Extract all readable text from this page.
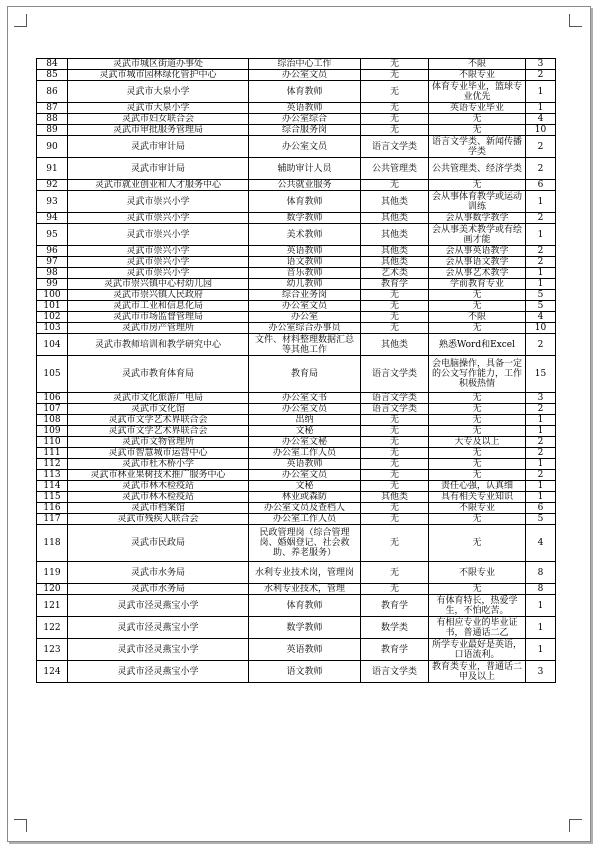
84	灵武市城区街道办事处	综治中心工作	无	不限	3
85	灵武市城市园林绿化管护中心	办公室文员	无	不限专业	2
86	灵武市大泉小学	体育教师	无	体育专业毕业，篮球专业优先	1
87	灵武市大泉小学	英语教师	无	英语专业毕业	1
88	灵武市妇女联合会	办公室综合	无	无	4
89	灵武市审批服务管理局	综合服务岗	无	无	10
90	灵武市审计局	办公室文员	语言文学类	语言文学类、新闻传播学类	2
91	灵武市审计局	辅助审计人员	公共管理类	公共管理类、经济学类	2
92	灵武市就业创业和人才服务中心	公共就业服务	无	无	6
93	灵武市崇兴小学	体育教师	其他类	会从事体育教学或运动训练	1
94	灵武市崇兴小学	数学教师	其他类	会从事数学教学	2
95	灵武市崇兴小学	美术教师	其他类	会从事美术教学或有绘画才能	1
96	灵武市崇兴小学	英语教师	其他类	会从事英语教学	2
97	灵武市崇兴小学	语文教师	其他类	会从事语文教学	2
98	灵武市崇兴小学	音乐教师	艺术类	会从事艺术教学	1
99	灵武市崇兴镇中心村幼儿园	幼儿教师	教育学	学前教育专业	1
100	灵武市崇兴镇人民政府	综合业务岗	无	无	5
101	灵武市工业和信息化局	办公室文员	无	无	5
102	灵武市市场监督管理局	办公室	无	不限	4
103	灵武市房产管理所	办公室综合办事员	无	无	10
104	灵武市教师培训和教学研究中心	文件、材料整理数据汇总等其他工作	其他类	熟悉Word和Excel	2
105	灵武市教育体育局	教育局	语言文学类	会电脑操作，具备一定的公文写作能力，工作积极热情	15
106	灵武市文化旅游广电局	办公室文书	语言文学类	无	3
107	灵武市文化馆	办公室文员	语言文学类	无	2
108	灵武市文学艺术界联合会	出纳	无	无	1
109	灵武市文学艺术界联合会	文秘	无	无	1
110	灵武市文物管理所	办公室文秘	无	大专及以上	2
111	灵武市智慧城市运营中心	办公室工作人员	无	无	2
112	灵武市杜木桥小学	英语教师	无	无	1
113	灵武市林业果树技术推广服务中心	办公室文员	无	无	2
114	灵武市林木检疫站	文秘	无	责任心强，认真细	1
115	灵武市林木检疫站	林业或森防	其他类	具有相关专业知识	1
116	灵武市档案馆	办公室文员及查档人	无	不限专业	6
117	灵武市残疾人联合会	办公室工作人员	无	无	5
118	灵武市民政局	民政管理岗（综合管理岗、婚姻登记、社会救助、养老服务）	无	无	4
119	灵武市水务局	水利专业技术岗，管理岗	无	不限专业	8
120	灵武市水务局	水利专业技术，管理	无	无	8
121	灵武市泾灵燕宝小学	体育教师	教育学	有体育特长，热爱学生，不怕吃苦。	1
122	灵武市泾灵燕宝小学	数学教师	数学类	有相应专业的毕业证书，普通话二乙	1
123	灵武市泾灵燕宝小学	英语教师	教育学	所学专业最好是英语，口语流利。	1
124	灵武市泾灵燕宝小学	语文教师	语言文学类	教育类专业，普通话二甲及以上	3
